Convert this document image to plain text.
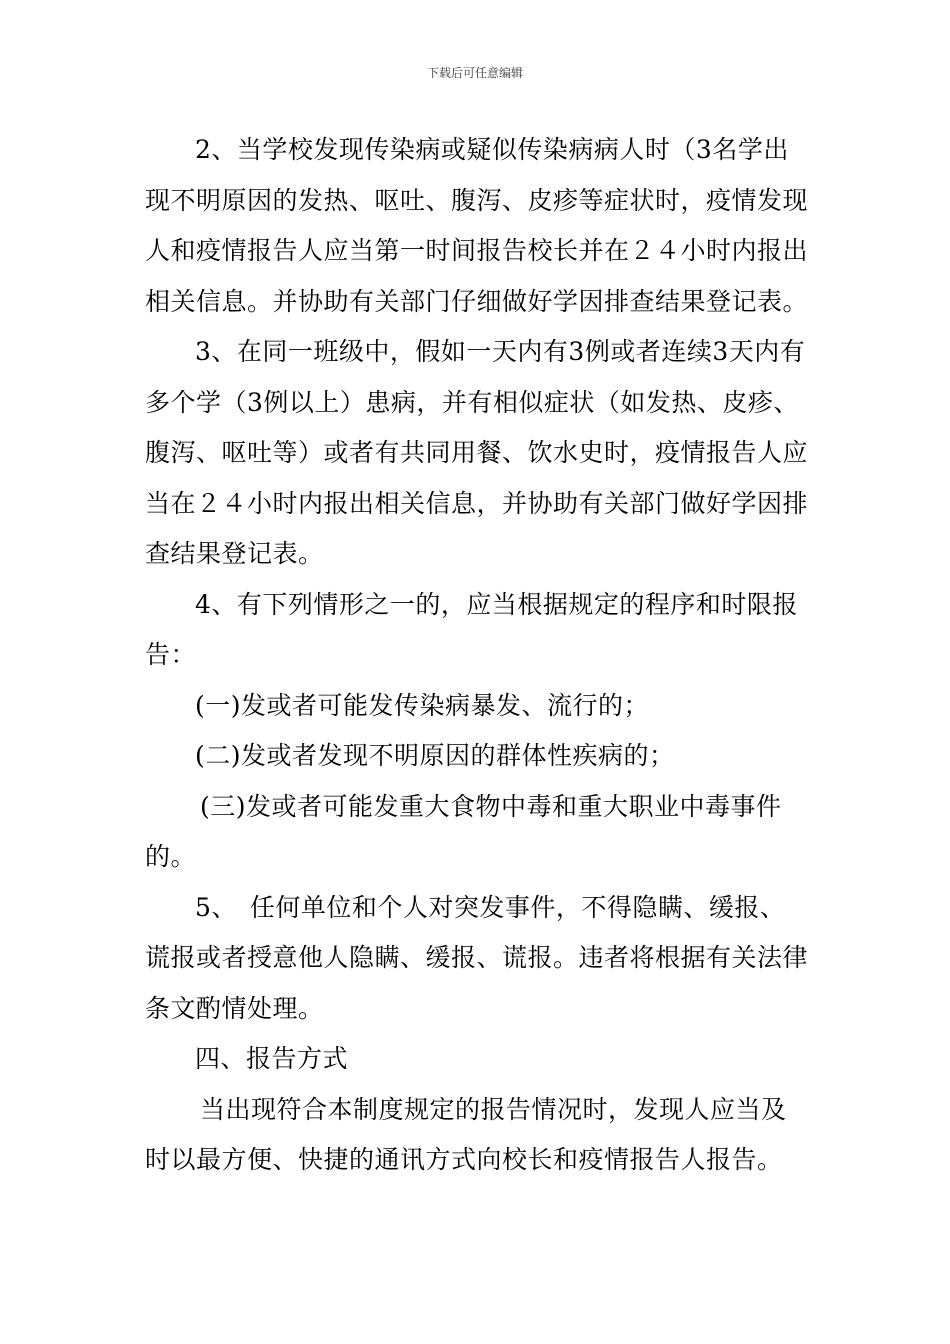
下载后可任意编辑

2、当学校发现传染病或疑似传染病病人时（3名学出现不明原因的发热、呕吐、腹泻、皮疹等症状时，疫情发现人和疫情报告人应当第一时间报告校长并在２４小时内报出相关信息。并协助有关部门仔细做好学因排查结果登记表。

3、在同一班级中，假如一天内有3例或者连续3天内有多个学（3例以上）患病，并有相似症状（如发热、皮疹、腹泻、呕吐等）或者有共同用餐、饮水史时，疫情报告人应当在２４小时内报出相关信息，并协助有关部门做好学因排查结果登记表。

4、有下列情形之一的，应当根据规定的程序和时限报告：

(一)发或者可能发传染病暴发、流行的；

(二)发或者发现不明原因的群体性疾病的；

(三)发或者可能发重大食物中毒和重大职业中毒事件的。

5、　任何单位和个人对突发事件，不得隐瞒、缓报、谎报或者授意他人隐瞒、缓报、谎报。违者将根据有关法律条文酌情处理。

四、报告方式

当出现符合本制度规定的报告情况时，发现人应当及时以最方便、快捷的通讯方式向校长和疫情报告人报告。
